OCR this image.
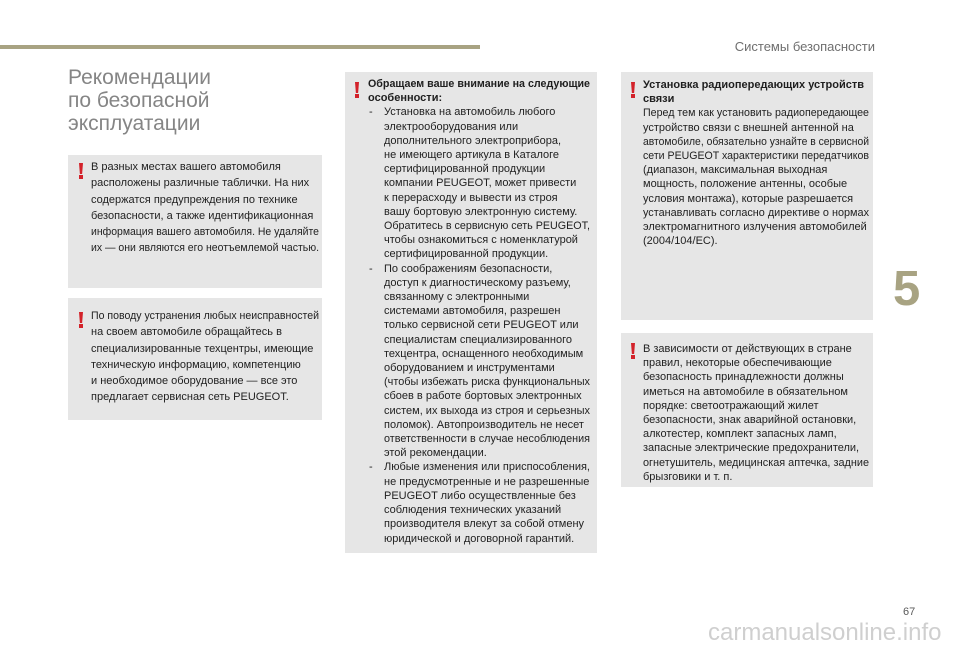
Системы безопасности
Рекомендации
по безопасной
эксплуатации
В разных местах вашего автомобиля
расположены различные таблички. На них
содержатся предупреждения по технике
безопасности, а также идентификационная
информация вашего автомобиля. Не удаляйте
их — они являются его неотъемлемой частью.
По поводу устранения любых неисправностей
на своем автомобиле обращайтесь в
специализированные техцентры, имеющие
техническую информацию, компетенцию
и необходимое оборудование — все это
предлагает сервисная сеть PEUGEOT.
Обращаем ваше внимание на следующие
особенности:
- Установка на автомобиль любого
электрооборудования или
дополнительного электроприбора,
не имеющего артикула в Каталоге
сертифицированной продукции
компании PEUGEOT, может привести
к перерасходу и вывести из строя
вашу бортовую электронную систему.
Обратитесь в сервисную сеть PEUGEOT,
чтобы ознакомиться с номенклатурой
сертифицированной продукции.
- По соображениям безопасности,
доступ к диагностическому разъему,
связанному с электронными
системами автомобиля, разрешен
только сервисной сети PEUGEOT или
специалистам специализированного
техцентра, оснащенного необходимым
оборудованием и инструментами
(чтобы избежать риска функциональных
сбоев в работе бортовых электронных
систем, их выхода из строя и серьезных
поломок). Автопроизводитель не несет
ответственности в случае несоблюдения
этой рекомендации.
- Любые изменения или приспособления,
не предусмотренные и не разрешенные
PEUGEOT либо осуществленные без
соблюдения технических указаний
производителя влекут за собой отмену
юридической и договорной гарантий.
Установка радиопередающих устройств
связи
Перед тем как установить радиопередающее
устройство связи с внешней антенной на
автомобиле, обязательно узнайте в сервисной
сети PEUGEOT характеристики передатчиков
(диапазон, максимальная выходная
мощность, положение антенны, особые
условия монтажа), которые разрешается
устанавливать согласно директиве о нормах
электромагнитного излучения автомобилей
(2004/104/EC).
В зависимости от действующих в стране
правил, некоторые обеспечивающие
безопасность принадлежности должны
иметься на автомобиле в обязательном
порядке: светоотражающий жилет
безопасности, знак аварийной остановки,
алкотестер, комплект запасных ламп,
запасные электрические предохранители,
огнетушитель, медицинская аптечка, задние
брызговики и т. п.
5
67
carmanualsonline.info
